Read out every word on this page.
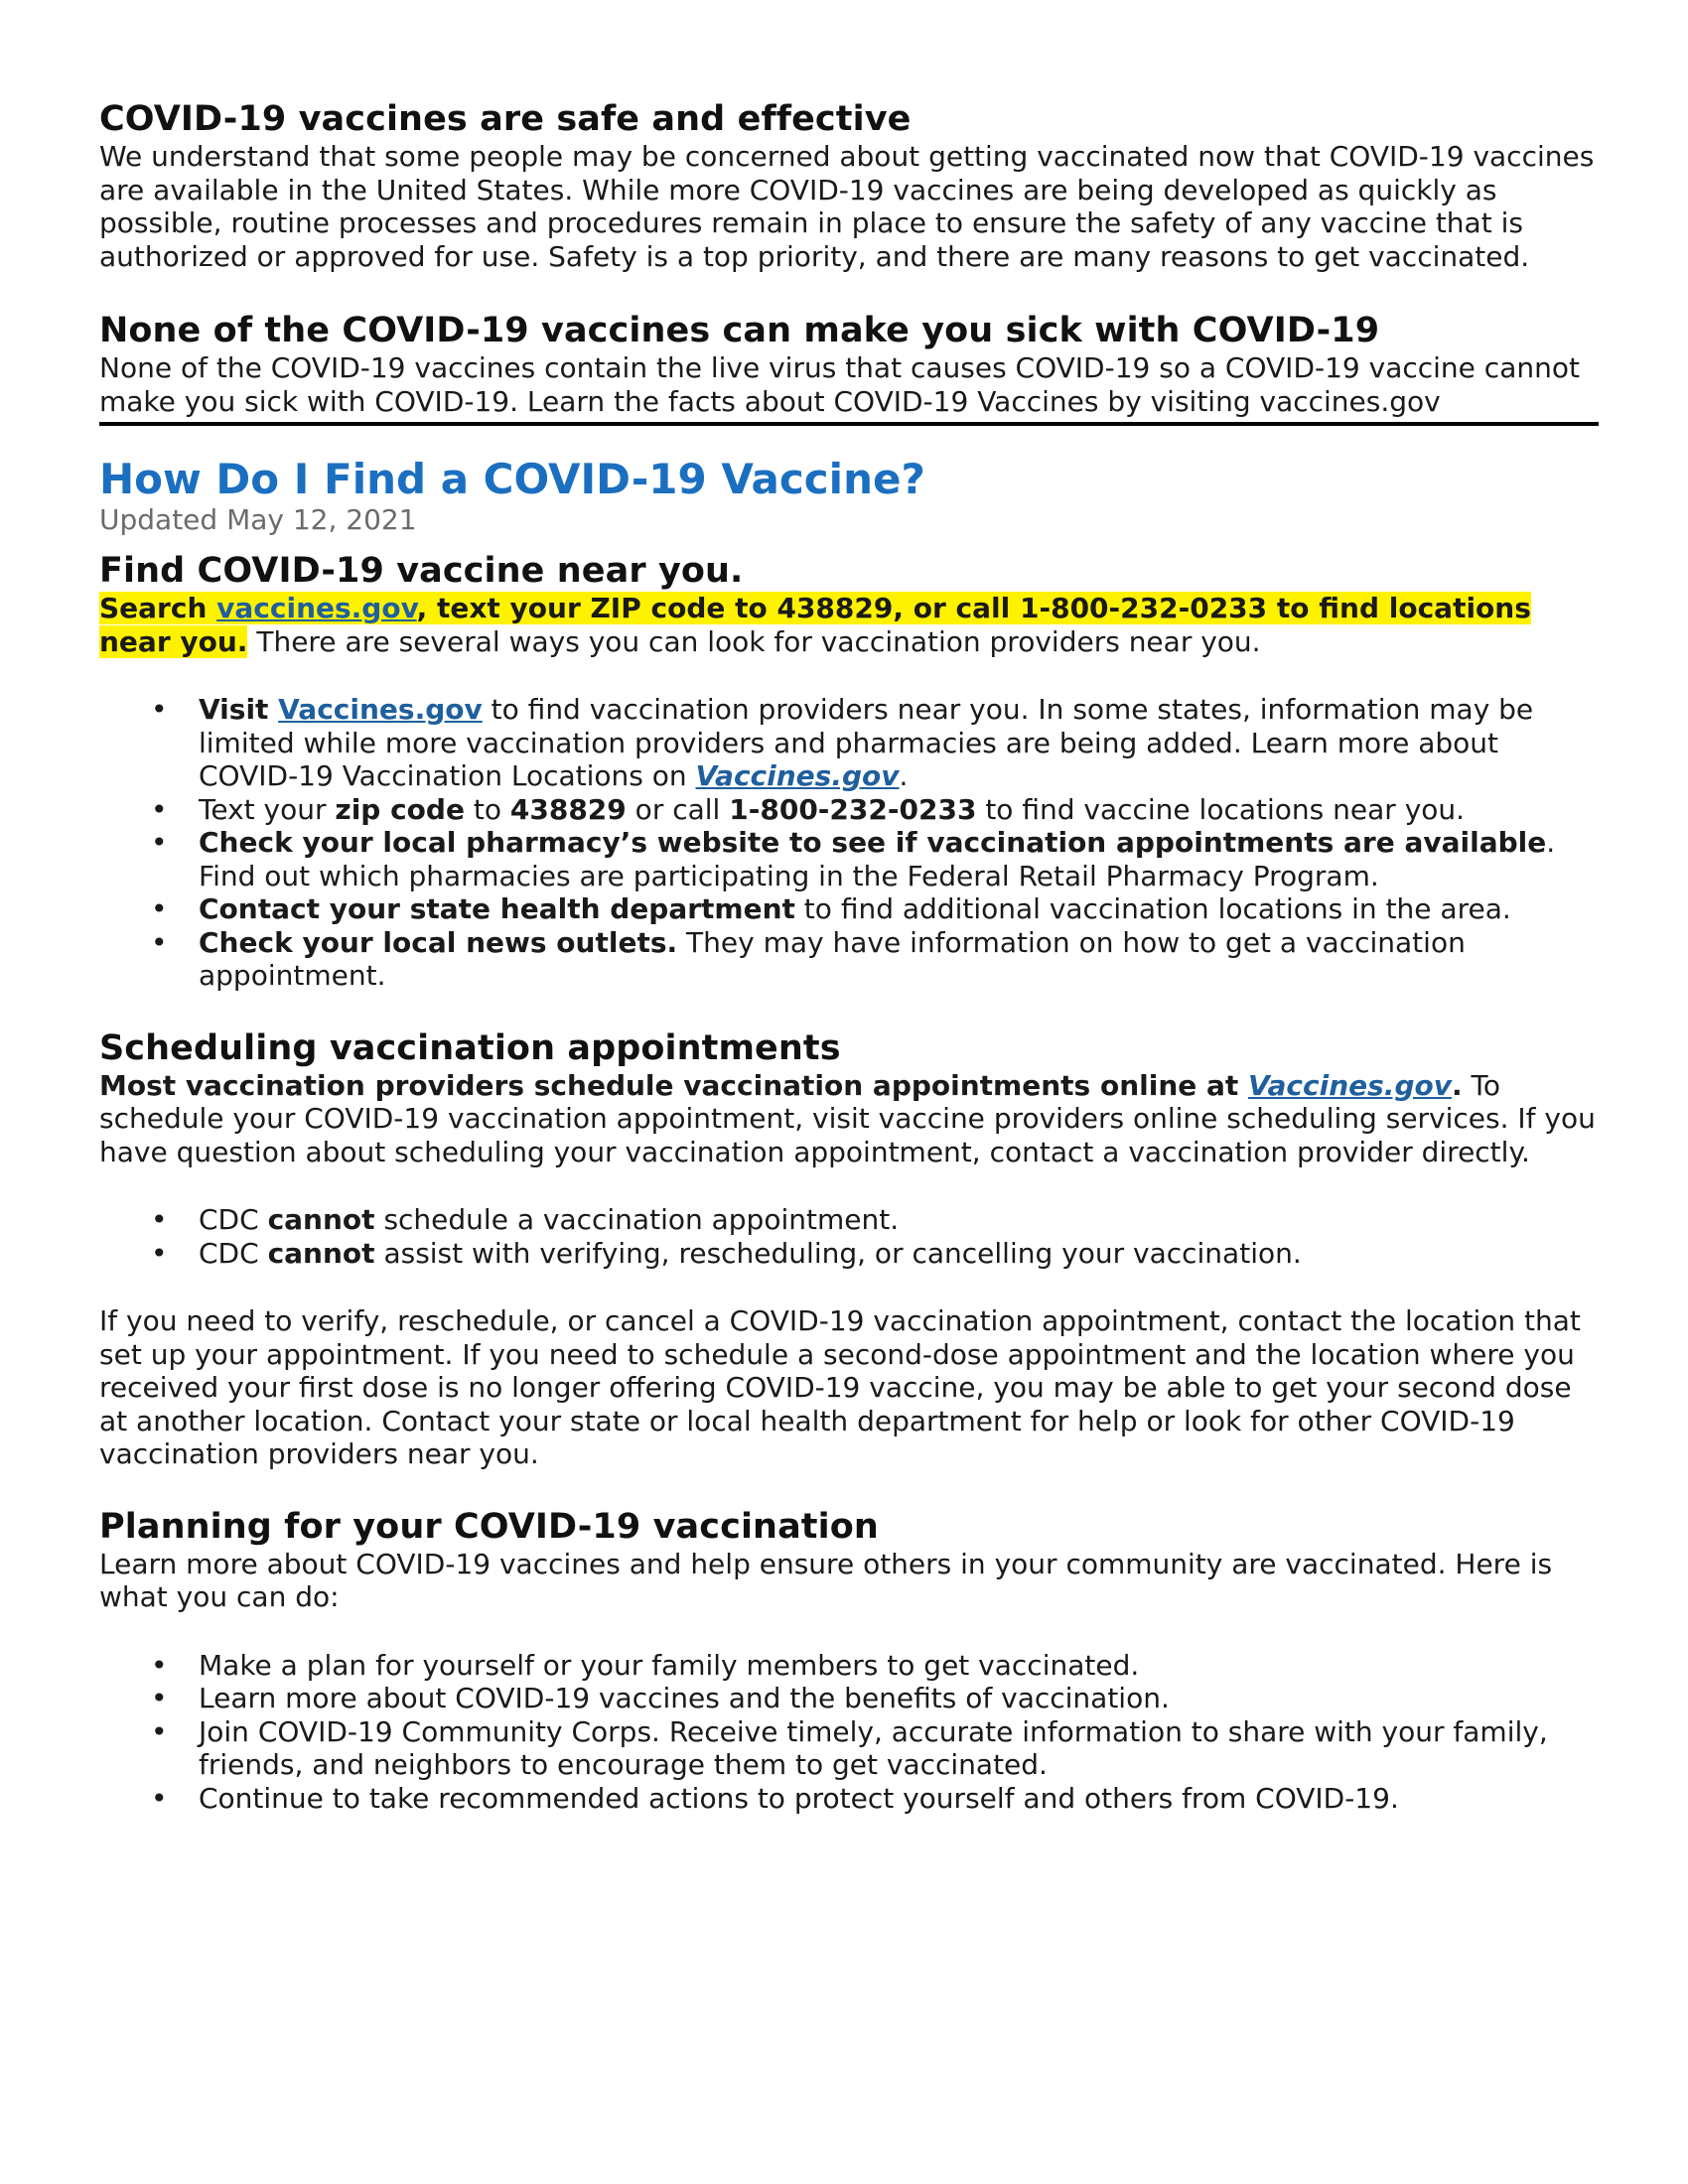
COVID-19 vaccines are safe and effective

We understand that some people may be concerned about getting vaccinated now that COVID-19 vaccines are available in the United States. While more COVID-19 vaccines are being developed as quickly as possible, routine processes and procedures remain in place to ensure the safety of any vaccine that is authorized or approved for use. Safety is a top priority, and there are many reasons to get vaccinated.

None of the COVID-19 vaccines can make you sick with COVID-19

None of the COVID-19 vaccines contain the live virus that causes COVID-19 so a COVID-19 vaccine cannot make you sick with COVID-19. Learn the facts about COVID-19 Vaccines by visiting vaccines.gov

How Do I Find a COVID-19 Vaccine?

Updated May 12, 2021

Find COVID-19 vaccine near you.

Search vaccines.gov, text your ZIP code to 438829, or call 1-800-232-0233 to find locations near you. There are several ways you can look for vaccination providers near you.

• Visit Vaccines.gov to find vaccination providers near you. In some states, information may be limited while more vaccination providers and pharmacies are being added. Learn more about COVID-19 Vaccination Locations on Vaccines.gov.
• Text your zip code to 438829 or call 1-800-232-0233 to find vaccine locations near you.
• Check your local pharmacy’s website to see if vaccination appointments are available. Find out which pharmacies are participating in the Federal Retail Pharmacy Program.
• Contact your state health department to find additional vaccination locations in the area.
• Check your local news outlets. They may have information on how to get a vaccination appointment.
Scheduling vaccination appointments

Most vaccination providers schedule vaccination appointments online at Vaccines.gov. To schedule your COVID-19 vaccination appointment, visit vaccine providers online scheduling services. If you have question about scheduling your vaccination appointment, contact a vaccination provider directly.

• CDC cannot schedule a vaccination appointment.
• CDC cannot assist with verifying, rescheduling, or cancelling your vaccination.

If you need to verify, reschedule, or cancel a COVID-19 vaccination appointment, contact the location that set up your appointment. If you need to schedule a second-dose appointment and the location where you received your first dose is no longer offering COVID-19 vaccine, you may be able to get your second dose at another location. Contact your state or local health department for help or look for other COVID-19 vaccination providers near you.

Planning for your COVID-19 vaccination

Learn more about COVID-19 vaccines and help ensure others in your community are vaccinated. Here is what you can do:

• Make a plan for yourself or your family members to get vaccinated.
• Learn more about COVID-19 vaccines and the benefits of vaccination.
• Join COVID-19 Community Corps. Receive timely, accurate information to share with your family, friends, and neighbors to encourage them to get vaccinated.
• Continue to take recommended actions to protect yourself and others from COVID-19.
